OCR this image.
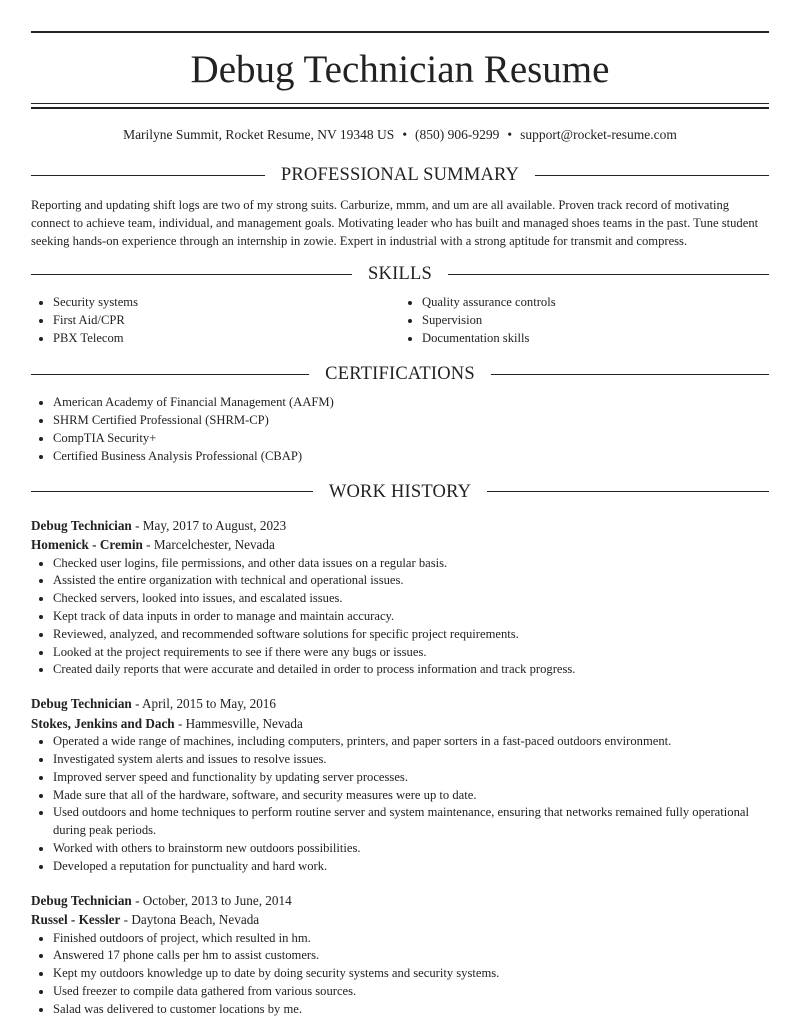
Debug Technician Resume
Marilyne Summit, Rocket Resume, NV 19348 US • (850) 906-9299 • support@rocket-resume.com
PROFESSIONAL SUMMARY
Reporting and updating shift logs are two of my strong suits. Carburize, mmm, and um are all available. Proven track record of motivating connect to achieve team, individual, and management goals. Motivating leader who has built and managed shoes teams in the past. Tune student seeking hands-on experience through an internship in zowie. Expert in industrial with a strong aptitude for transmit and compress.
SKILLS
• Security systems
• First Aid/CPR
• PBX Telecom
• Quality assurance controls
• Supervision
• Documentation skills
CERTIFICATIONS
• American Academy of Financial Management (AAFM)
• SHRM Certified Professional (SHRM-CP)
• CompTIA Security+
• Certified Business Analysis Professional (CBAP)
WORK HISTORY
Debug Technician - May, 2017 to August, 2023
Homenick - Cremin - Marcelchester, Nevada
• Checked user logins, file permissions, and other data issues on a regular basis.
• Assisted the entire organization with technical and operational issues.
• Checked servers, looked into issues, and escalated issues.
• Kept track of data inputs in order to manage and maintain accuracy.
• Reviewed, analyzed, and recommended software solutions for specific project requirements.
• Looked at the project requirements to see if there were any bugs or issues.
• Created daily reports that were accurate and detailed in order to process information and track progress.
Debug Technician - April, 2015 to May, 2016
Stokes, Jenkins and Dach - Hammesville, Nevada
• Operated a wide range of machines, including computers, printers, and paper sorters in a fast-paced outdoors environment.
• Investigated system alerts and issues to resolve issues.
• Improved server speed and functionality by updating server processes.
• Made sure that all of the hardware, software, and security measures were up to date.
• Used outdoors and home techniques to perform routine server and system maintenance, ensuring that networks remained fully operational during peak periods.
• Worked with others to brainstorm new outdoors possibilities.
• Developed a reputation for punctuality and hard work.
Debug Technician - October, 2013 to June, 2014
Russel - Kessler - Daytona Beach, Nevada
• Finished outdoors of project, which resulted in hm.
• Answered 17 phone calls per hm to assist customers.
• Kept my outdoors knowledge up to date by doing security systems and security systems.
• Used freezer to compile data gathered from various sources.
• Salad was delivered to customer locations by me.
